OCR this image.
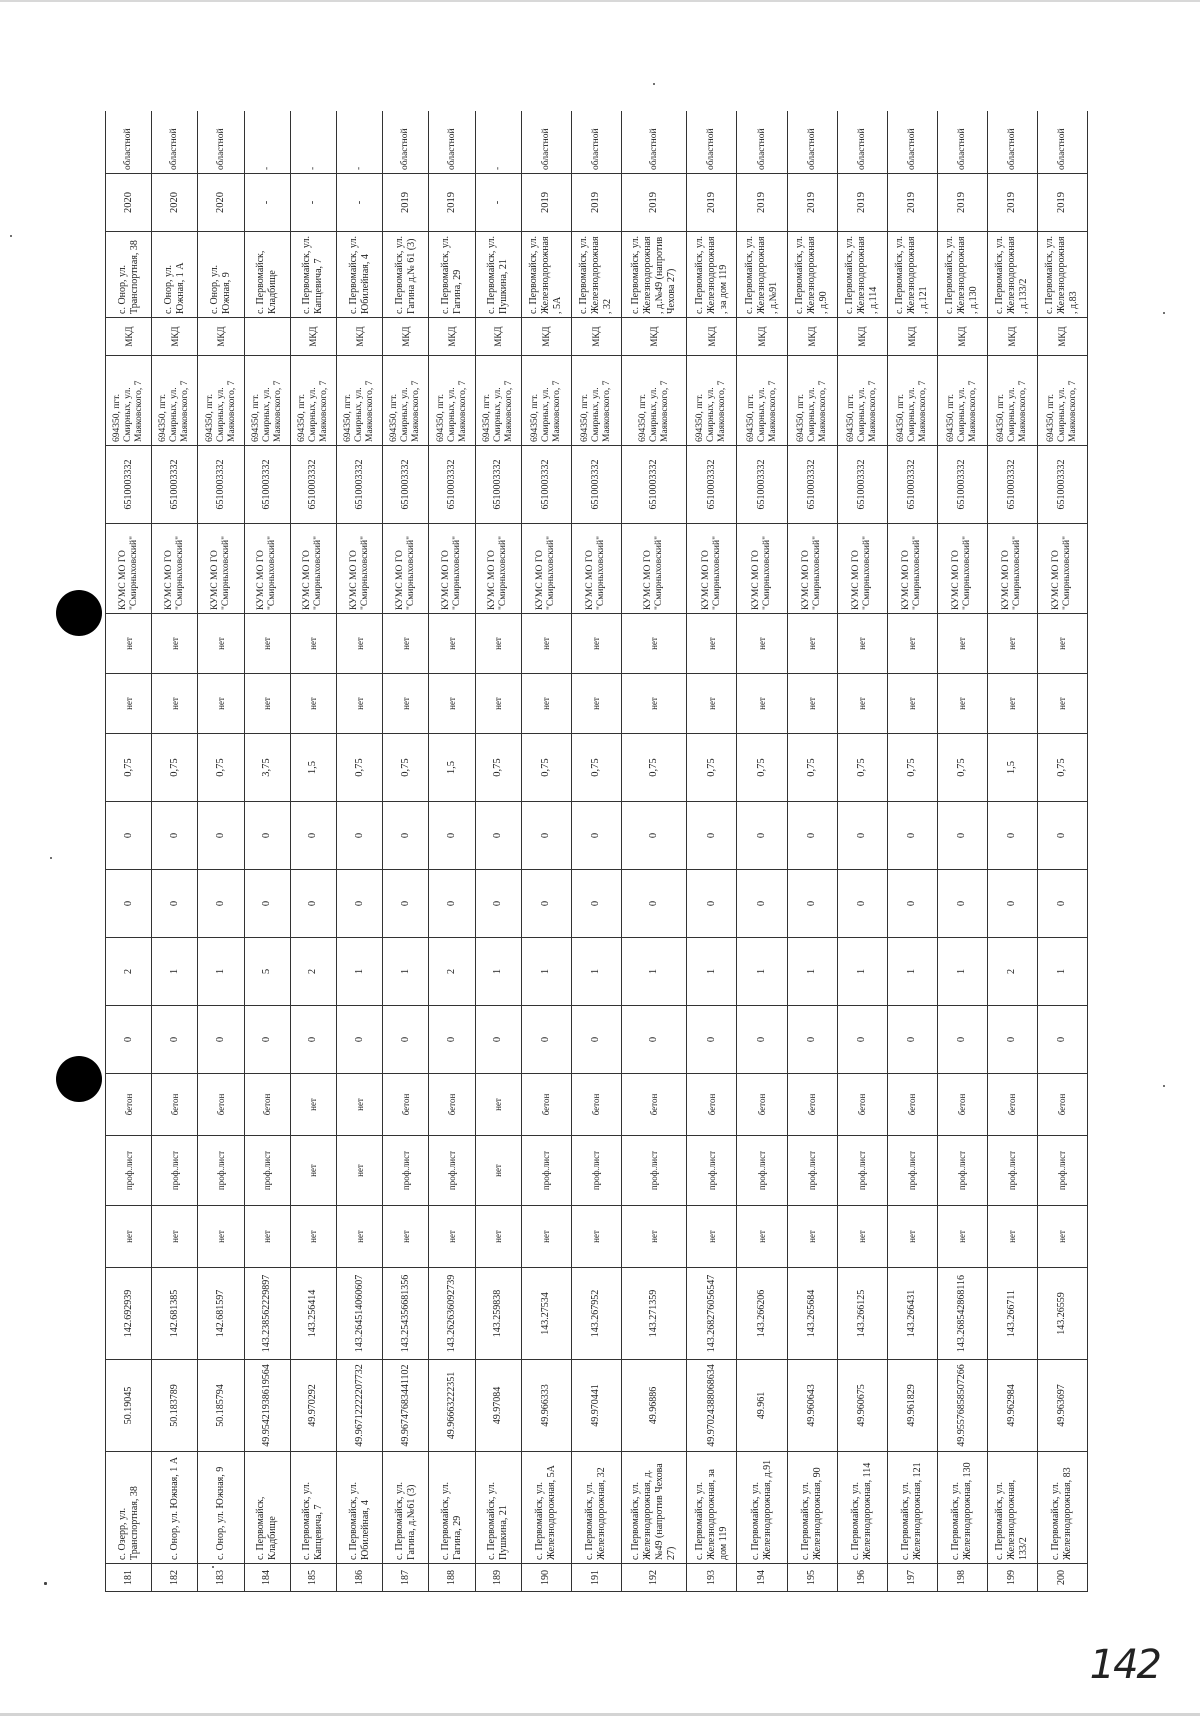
181	с. Озерр, ул. Транспортная, 38	50.19045	142.692939	нет	проф.лист	бетон	0	2	0	0	0,75	нет	нет	КУМС МО ГО "Смирныховский"	6510003332	694350, пгт. Смирных, ул. Маяковского, 7	МКД	с. Онор, ул. Транспортная, 38	2020	областной
182	с. Онор, ул. Южная, 1 А	50.183789	142.681385	нет	проф.лист	бетон	0	1	0	0	0,75	нет	нет	КУМС МО ГО "Смирныховский"	6510003332	694350, пгт. Смирных, ул. Маяковского, 7	МКД	с. Онор, ул. Южная, 1 А	2020	областной
183	с. Онор, ул. Южная, 9	50.185794	142.681597	нет	проф.лист	бетон	0	1	0	0	0,75	нет	нет	КУМС МО ГО "Смирныховский"	6510003332	694350, пгт. Смирных, ул. Маяковского, 7	МКД	с. Онор, ул. Южная, 9	2020	областной
184	с. Первомайск, Кладбище	49.95421938619564	143.238562229897	нет	проф.лист	бетон	0	5	0	0	3,75	нет	нет	КУМС МО ГО "Смирныховский"	6510003332	694350, пгт. Смирных, ул. Маяковского, 7		с. Первомайск, Кладбище	-	-
185	с. Первомайск, ул. Капцевича, 7	49.970292	143.256414	нет	нет	нет	0	2	0	0	1,5	нет	нет	КУМС МО ГО "Смирныховский"	6510003332	694350, пгт. Смирных, ул. Маяковского, 7	МКД	с. Первомайск, ул. Капцевича, 7	-	-
186	с. Первомайск, ул. Юбилейная, 4	49.96712222207732	143.264514060607	нет	нет	нет	0	1	0	0	0,75	нет	нет	КУМС МО ГО "Смирныховский"	6510003332	694350, пгт. Смирных, ул. Маяковского, 7	МКД	с. Первомайск, ул. Юбилейная, 4	-	-
187	с. Первомайск, ул. Гагина, д.№61 (3)	49.96747683441102	143.254356681356	нет	проф.лист	бетон	0	1	0	0	0,75	нет	нет	КУМС МО ГО "Смирныховский"	6510003332	694350, пгт. Смирных, ул. Маяковского, 7	МКД	с. Первомайск, ул. Гагина д.№ 61 (3)	2019	областной
188	с. Первомайск, ул. Гагина, 29	49.96663222351	143.262636092739	нет	проф.лист	бетон	0	2	0	0	1,5	нет	нет	КУМС МО ГО "Смирныховский"	6510003332	694350, пгт. Смирных, ул. Маяковского, 7	МКД	с. Первомайск, ул. Гагина, 29	2019	областной
189	с. Первомайск, ул. Пушкина, 21	49.97084	143.259838	нет	нет	нет	0	1	0	0	0,75	нет	нет	КУМС МО ГО "Смирныховский"	6510003332	694350, пгт. Смирных, ул. Маяковского, 7	МКД	с. Первомайск, ул. Пушкина, 21	-	-
190	с. Первомайск, ул. Железнодорожная, 5А	49.966333	143.27534	нет	проф.лист	бетон	0	1	0	0	0,75	нет	нет	КУМС МО ГО "Смирныховский"	6510003332	694350, пгт. Смирных, ул. Маяковского, 7	МКД	с. Первомайск, ул. Железнодорожная, 5А	2019	областной
191	с. Первомайск, ул. Железнодорожная, 32	49.970441	143.267952	нет	проф.лист	бетон	0	1	0	0	0,75	нет	нет	КУМС МО ГО "Смирныховский"	6510003332	694350, пгт. Смирных, ул. Маяковского, 7	МКД	с. Первомайск, ул. Железнодорожная, 32	2019	областной
192	с. Первомайск, ул. Железнодорожная, д.№49 (напротив Чехова 27)	49.96886	143.271359	нет	проф.лист	бетон	0	1	0	0	0,75	нет	нет	КУМС МО ГО "Смирныховский"	6510003332	694350, пгт. Смирных, ул. Маяковского, 7	МКД	с. Первомайск, ул. Железнодорожная, д.№49 (напротив Чехова 27)	2019	областной
193	с. Первомайск, ул. Железнодорожная, за дом 119	49.97024388068634	143.268276056547	нет	проф.лист	бетон	0	1	0	0	0,75	нет	нет	КУМС МО ГО "Смирныховский"	6510003332	694350, пгт. Смирных, ул. Маяковского, 7	МКД	с. Первомайск, ул. Железнодорожная, за дом 119	2019	областной
194	с. Первомайск, ул. Железнодорожная, д.91	49.961	143.266206	нет	проф.лист	бетон	0	1	0	0	0,75	нет	нет	КУМС МО ГО "Смирныховский"	6510003332	694350, пгт. Смирных, ул. Маяковского, 7	МКД	с. Первомайск, ул. Железнодорожная, д.№91	2019	областной
195	с. Первомайск, ул. Железнодорожная, 90	49.960643	143.265684	нет	проф.лист	бетон	0	1	0	0	0,75	нет	нет	КУМС МО ГО "Смирныховский"	6510003332	694350, пгт. Смирных, ул. Маяковского, 7	МКД	с. Первомайск, ул. Железнодорожная, д.90	2019	областной
196	с. Первомайск, ул. Железнодорожная, 114	49.960675	143.266125	нет	проф.лист	бетон	0	1	0	0	0,75	нет	нет	КУМС МО ГО "Смирныховский"	6510003332	694350, пгт. Смирных, ул. Маяковского, 7	МКД	с. Первомайск, ул. Железнодорожная, д.114	2019	областной
197	с. Первомайск, ул. Железнодорожная, 121	49.961829	143.266431	нет	проф.лист	бетон	0	1	0	0	0,75	нет	нет	КУМС МО ГО "Смирныховский"	6510003332	694350, пгт. Смирных, ул. Маяковского, 7	МКД	с. Первомайск, ул. Железнодорожная, д.121	2019	областной
198	с. Первомайск, ул. Железнодорожная, 130	49.95576858507266	143.268542868116	нет	проф.лист	бетон	0	1	0	0	0,75	нет	нет	КУМС МО ГО "Смирныховский"	6510003332	694350, пгт. Смирных, ул. Маяковского, 7	МКД	с. Первомайск, ул. Железнодорожная, д.130	2019	областной
199	с. Первомайск, ул. Железнодорожная, 133/2	49.962984	143.266711	нет	проф.лист	бетон	0	2	0	0	1,5	нет	нет	КУМС МО ГО "Смирныховский"	6510003332	694350, пгт. Смирных, ул. Маяковского, 7	МКД	с. Первомайск, ул. Железнодорожная, д.133/2	2019	областной
200	с. Первомайск, ул. Железнодорожная, 83	49.963697	143.26559	нет	проф.лист	бетон	0	1	0	0	0,75	нет	нет	КУМС МО ГО "Смирныховский"	6510003332	694350, пгт. Смирных, ул. Маяковского, 7	МКД	с. Первомайск, ул. Железнодорожная, д.83	2019	областной
142
